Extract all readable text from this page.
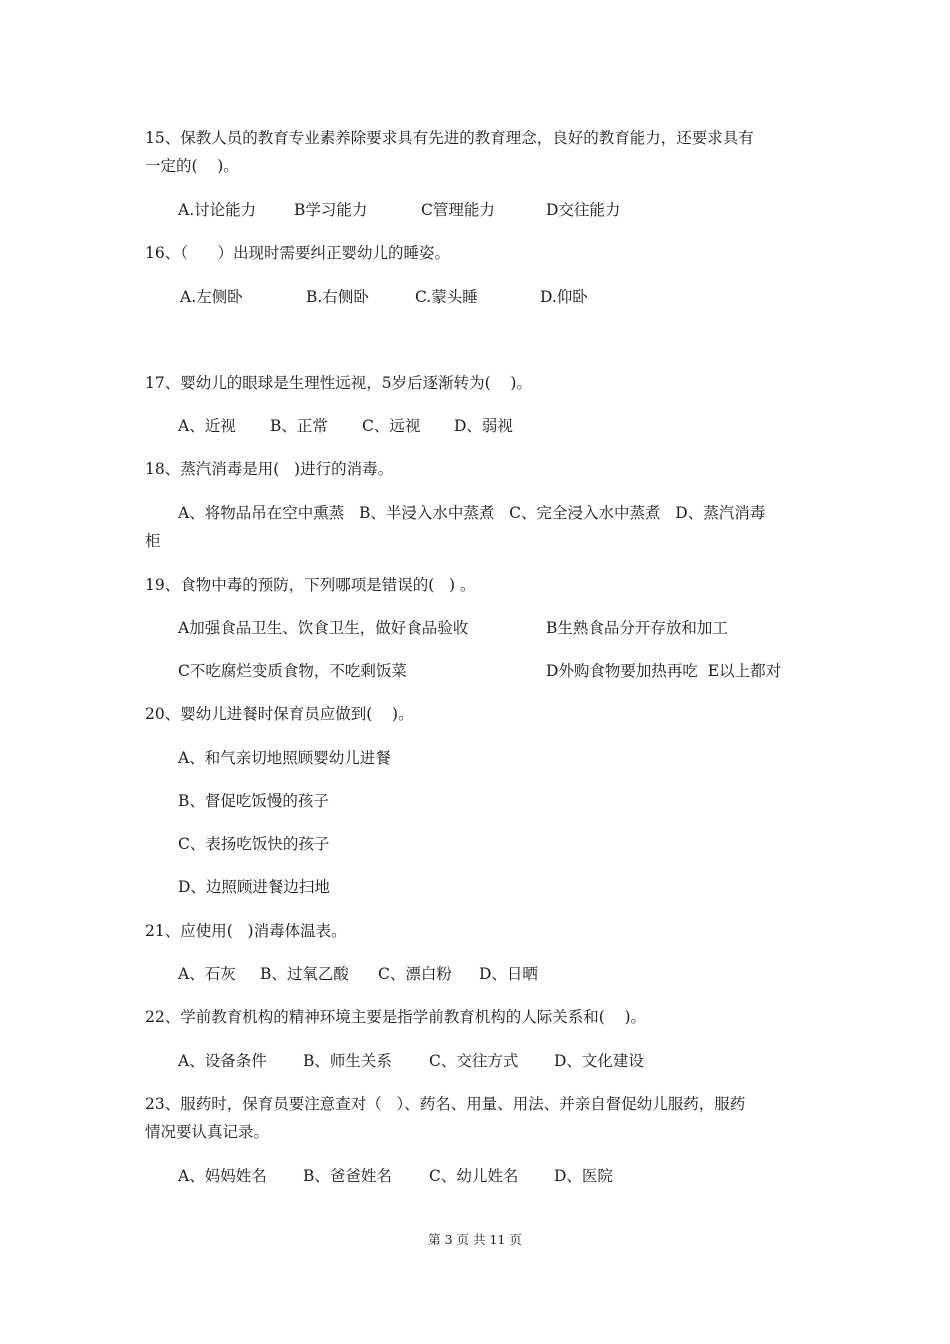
15、保教人员的教育专业素养除要求具有先进的教育理念，良好的教育能力，还要求具有
一定的(    )。
A.讨论能力 B学习能力	C管理能力	D交往能力
16、（      ）出现时需要纠正婴幼儿的睡姿。
A.左侧卧	B.右侧卧	C.蒙头睡	D.仰卧
17、婴幼儿的眼球是生理性远视，5岁后逐渐转为(    )。
A、近视 B、正常 C、远视 D、弱视
18、蒸汽消毒是用(   )进行的消毒。
A、将物品吊在空中熏蒸   B、半浸入水中蒸煮   C、完全浸入水中蒸煮   D、蒸汽消毒
柜
19、食物中毒的预防，下列哪项是错误的(   ) 。
A加强食品卫生、饮食卫生，做好食品验收	B生熟食品分开存放和加工
C不吃腐烂变质食物，不吃剩饭菜	D外购食物要加热再吃  E以上都对
20、婴幼儿进餐时保育员应做到(    )。
A、和气亲切地照顾婴幼儿进餐
B、督促吃饭慢的孩子
C、表扬吃饭快的孩子
D、边照顾进餐边扫地
21、应使用(   )消毒体温表。
A、石灰 B、过氧乙酸 C、漂白粉 D、日晒
22、学前教育机构的精神环境主要是指学前教育机构的人际关系和(    )。
A、设备条件 B、师生关系 C、交往方式 D、文化建设
23、服药时，保育员要注意查对（   ）、药名、用量、用法、并亲自督促幼儿服药，服药
情况要认真记录。
A、妈妈姓名 B、爸爸姓名 C、幼儿姓名 D、医院
第 3 页 共 11 页
